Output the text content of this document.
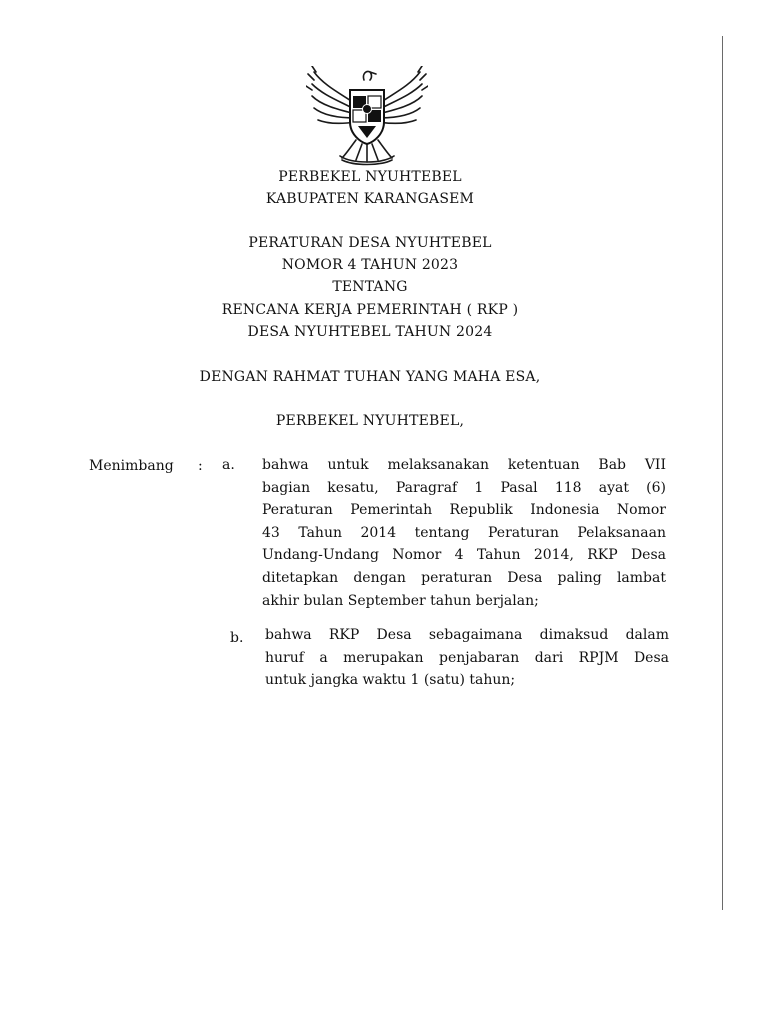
PERBEKEL NYUHTEBEL
KABUPATEN KARANGASEM
PERATURAN DESA NYUHTEBEL
NOMOR 4 TAHUN 2023
TENTANG
RENCANA KERJA PEMERINTAH ( RKP )
DESA NYUHTEBEL TAHUN 2024
DENGAN RAHMAT TUHAN YANG MAHA ESA,
PERBEKEL NYUHTEBEL,
Menimbang : a. bahwa untuk melaksanakan ketentuan Bab VII
bagian kesatu, Paragraf 1 Pasal 118 ayat (6)
Peraturan Pemerintah Republik Indonesia Nomor
43 Tahun 2014 tentang Peraturan Pelaksanaan
Undang-Undang Nomor 4 Tahun 2014, RKP Desa
ditetapkan dengan peraturan Desa paling lambat
akhir bulan September tahun berjalan;
b. bahwa RKP Desa sebagaimana dimaksud dalam
huruf a merupakan penjabaran dari RPJM Desa
untuk jangka waktu 1 (satu) tahun;
